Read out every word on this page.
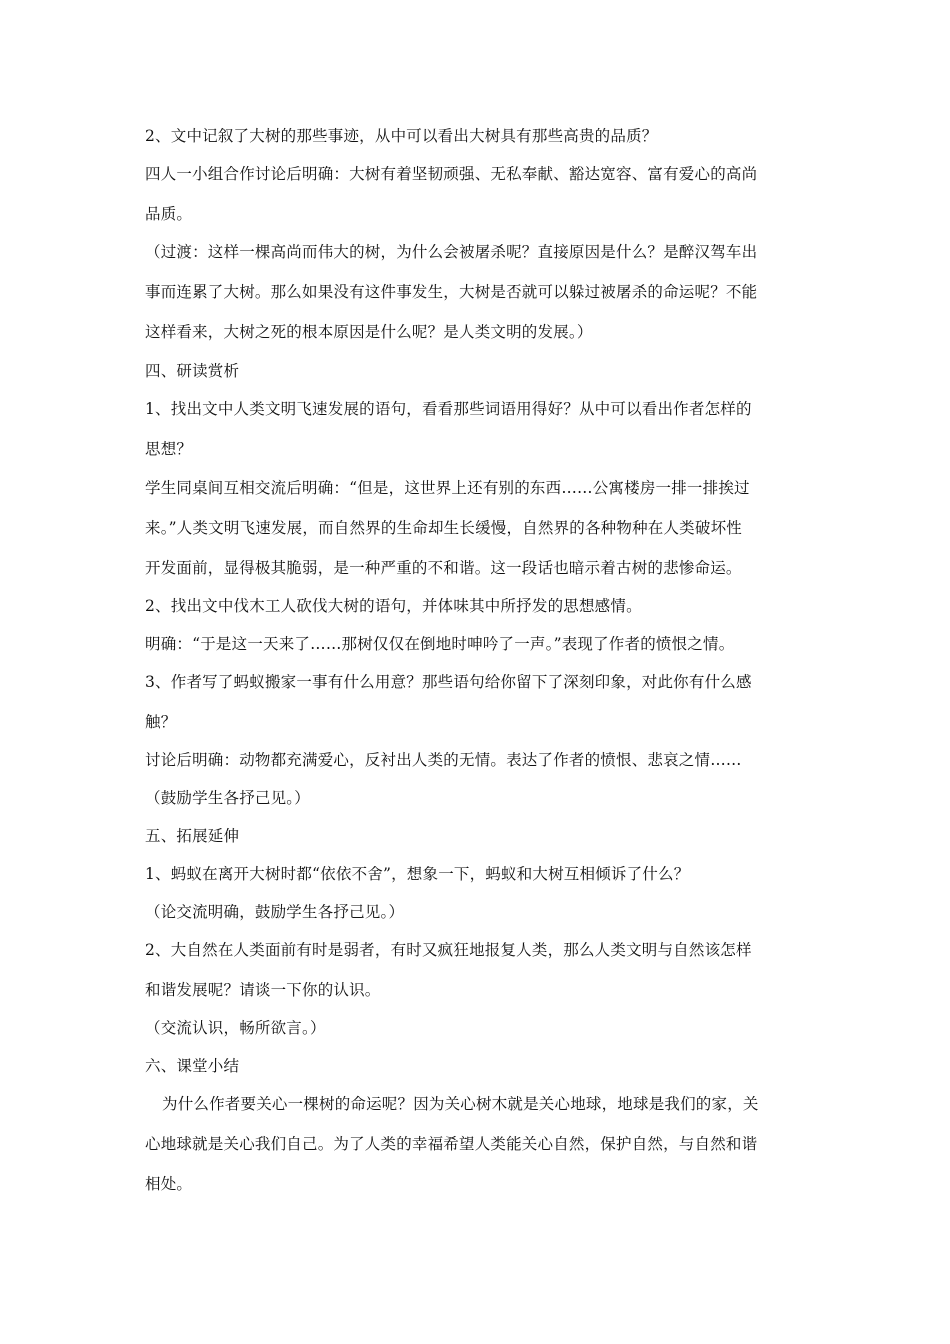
2、文中记叙了大树的那些事迹，从中可以看出大树具有那些高贵的品质？
四人一小组合作讨论后明确：大树有着坚韧顽强、无私奉献、豁达宽容、富有爱心的高尚
品质。
（过渡：这样一棵高尚而伟大的树，为什么会被屠杀呢？直接原因是什么？是醉汉驾车出
事而连累了大树。那么如果没有这件事发生，大树是否就可以躲过被屠杀的命运呢？不能
这样看来，大树之死的根本原因是什么呢？是人类文明的发展。）
四、研读赏析
1、找出文中人类文明飞速发展的语句，看看那些词语用得好？从中可以看出作者怎样的
思想？
学生同桌间互相交流后明确：“但是，这世界上还有别的东西……公寓楼房一排一排挨过
来。”人类文明飞速发展，而自然界的生命却生长缓慢，自然界的各种物种在人类破坏性
开发面前，显得极其脆弱，是一种严重的不和谐。这一段话也暗示着古树的悲惨命运。
2、找出文中伐木工人砍伐大树的语句，并体味其中所抒发的思想感情。
明确：“于是这一天来了……那树仅仅在倒地时呻吟了一声。”表现了作者的愤恨之情。
3、作者写了蚂蚁搬家一事有什么用意？那些语句给你留下了深刻印象，对此你有什么感
触？
讨论后明确：动物都充满爱心，反衬出人类的无情。表达了作者的愤恨、悲哀之情……
（鼓励学生各抒己见。）
五、拓展延伸
1、蚂蚁在离开大树时都“依依不舍”，想象一下，蚂蚁和大树互相倾诉了什么？
（论交流明确，鼓励学生各抒己见。）
2、大自然在人类面前有时是弱者，有时又疯狂地报复人类，那么人类文明与自然该怎样
和谐发展呢？请谈一下你的认识。
（交流认识，畅所欲言。）
六、课堂小结
为什么作者要关心一棵树的命运呢？因为关心树木就是关心地球，地球是我们的家，关
心地球就是关心我们自己。为了人类的幸福希望人类能关心自然，保护自然，与自然和谐
相处。
